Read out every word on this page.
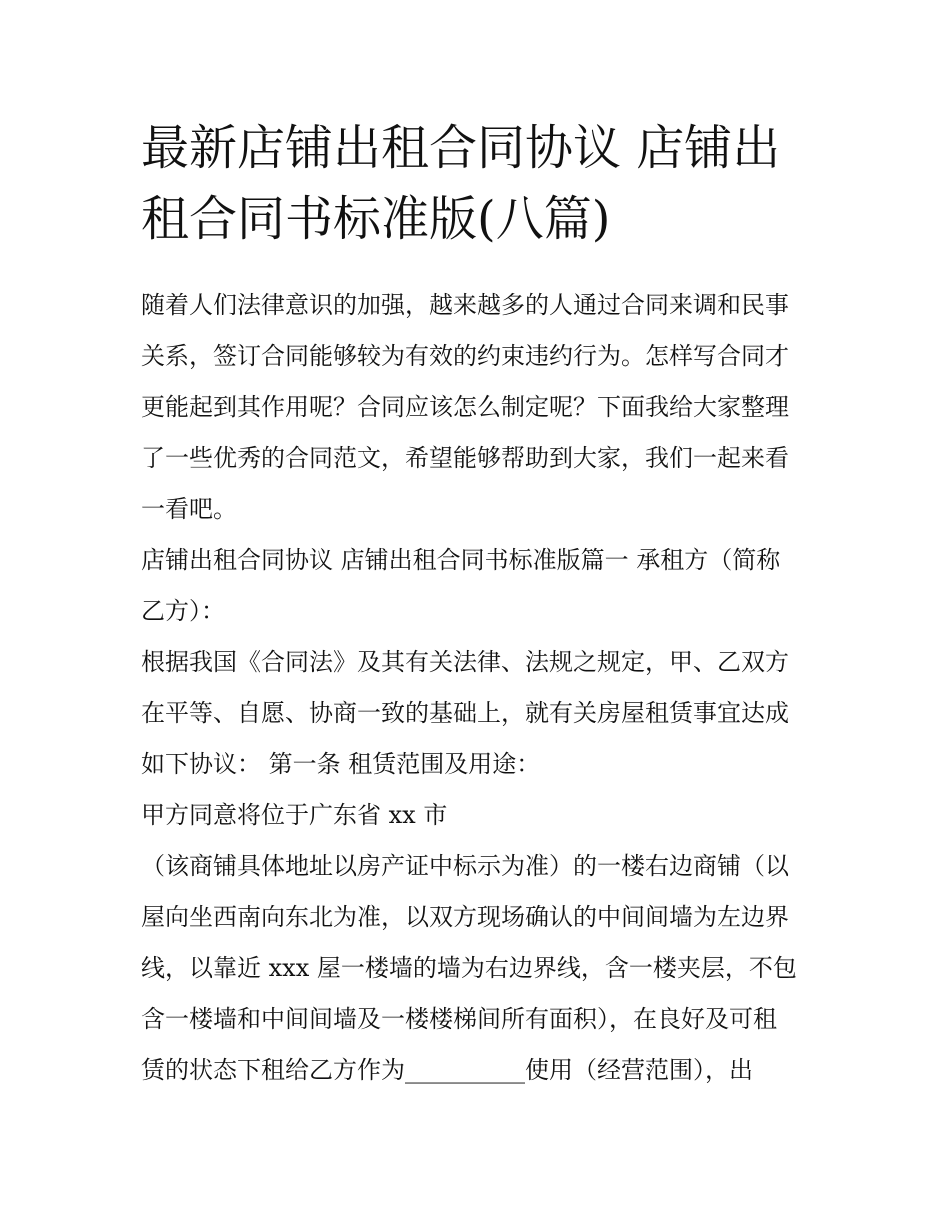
最新店铺出租合同协议 店铺出
租合同书标准版(八篇)
随着人们法律意识的加强，越来越多的人通过合同来调和民事
关系，签订合同能够较为有效的约束违约行为。怎样写合同才
更能起到其作用呢？合同应该怎么制定呢？下面我给大家整理
了一些优秀的合同范文，希望能够帮助到大家，我们一起来看
一看吧。
店铺出租合同协议 店铺出租合同书标准版篇一 承租方（简称
乙方）：
根据我国《合同法》及其有关法律、法规之规定，甲、乙双方
在平等、自愿、协商一致的基础上，就有关房屋租赁事宜达成
如下协议： 第一条 租赁范围及用途：
甲方同意将位于广东省 xx 市
（该商铺具体地址以房产证中标示为准）的一楼右边商铺（以
屋向坐西南向东北为准，以双方现场确认的中间间墙为左边界
线，以靠近 xxx 屋一楼墙的墙为右边界线，含一楼夹层，不包
含一楼墙和中间间墙及一楼楼梯间所有面积），在良好及可租
赁的状态下租给乙方作为__________使用（经营范围），出
